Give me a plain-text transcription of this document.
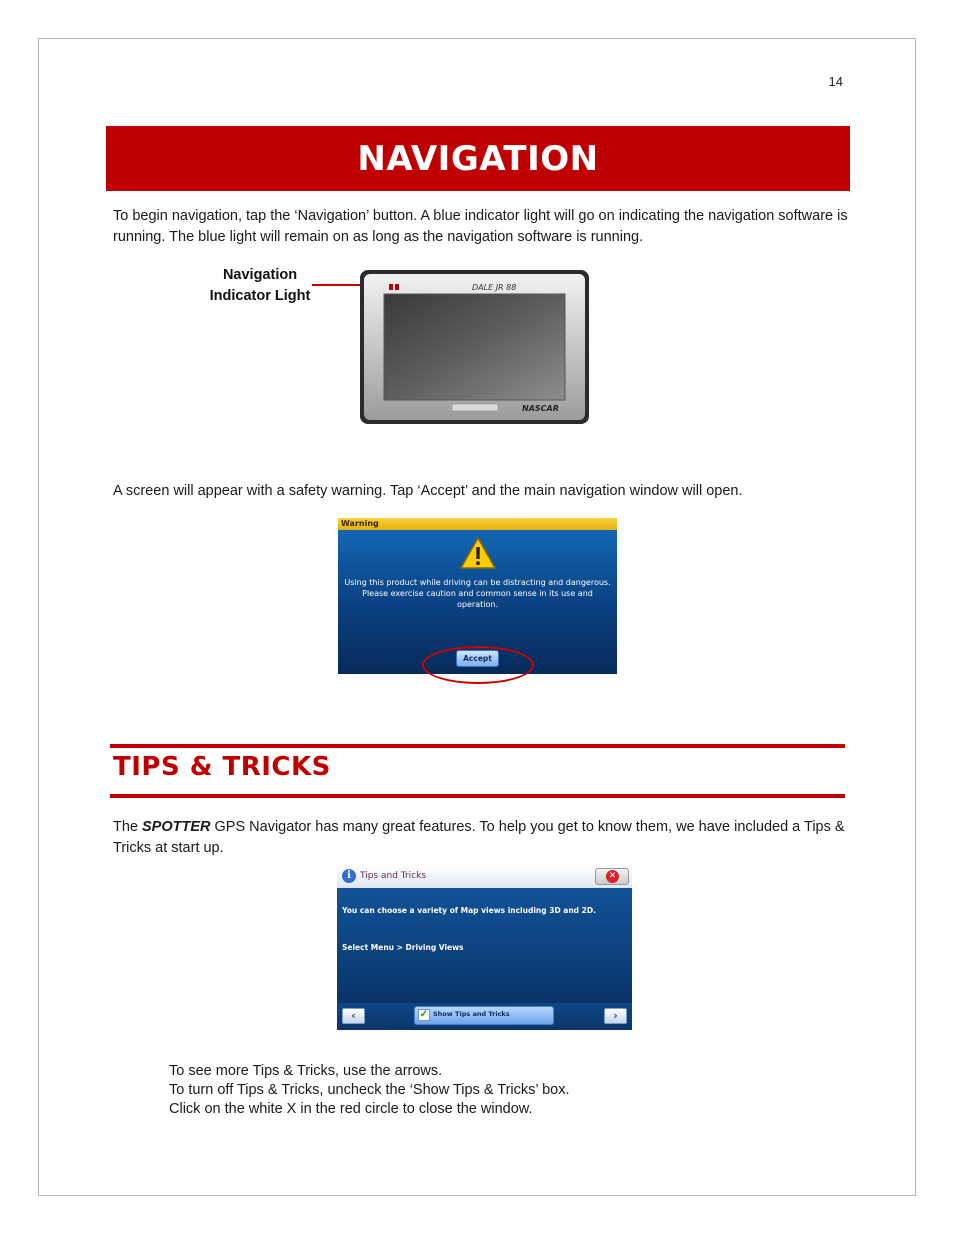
14
NAVIGATION
To begin navigation, tap the ‘Navigation’ button. A blue indicator light will go on indicating the navigation software is running. The blue light will remain on as long as the navigation software is running.
Navigation
Indicator Light
DALE JR 88
NASCAR
A screen will appear with a safety warning. Tap ‘Accept’ and the main navigation window will open.
Warning
Using this product while driving can be distracting and dangerous.
Please exercise caution and common sense in its use and operation.
Accept
TIPS & TRICKS
The SPOTTER GPS Navigator has many great features. To help you get to know them, we have included a Tips & Tricks at start up.
i	Tips and Tricks	✕
You can choose a variety of Map views including 3D and 2D.
Select Menu > Driving Views
‹	✓ Show Tips and Tricks	›
To see more Tips & Tricks, use the arrows.
To turn off Tips & Tricks, uncheck the ‘Show Tips & Tricks’ box.
Click on the white X in the red circle to close the window.
